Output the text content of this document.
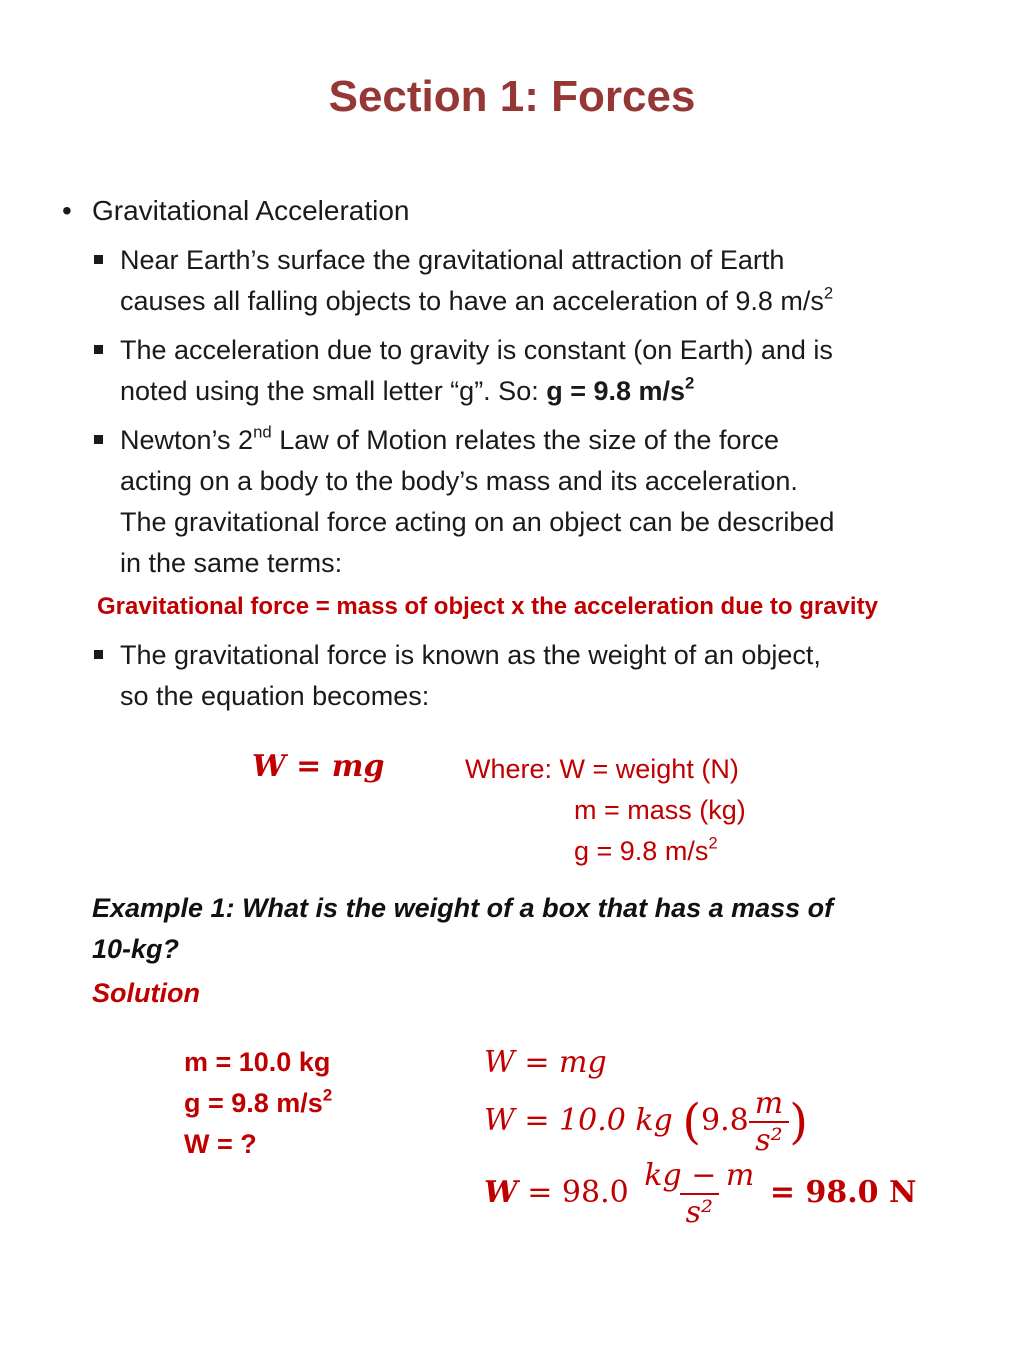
Section 1: Forces
• Gravitational Acceleration
Near Earth’s surface the gravitational attraction of Earth
causes all falling objects to have an acceleration of 9.8 $m/s^2$
The acceleration due to gravity is constant (on Earth) and is
noted using the small letter “g”. So: g = 9.8 $m/s^2$
Newton’s 2nd Law of Motion relates the size of the force
acting on a body to the body’s mass and its acceleration.
The gravitational force acting on an object can be described
in the same terms:
Gravitational force = mass of object x the acceleration due to gravity
The gravitational force is known as the weight of an object,
so the equation becomes:
W = mg	Where: W = weight (N)
m = mass (kg)
g = 9.8 $m/s^2$
Example 1: What is the weight of a box that has a mass of
10-kg?
Solution
m = 10.0 kg
g = 9.8 $m/s^2$
W = ?
W = mg
W = 10.0 kg ($9.8 \frac{m}{\text{s²}}$ )
$W = 98.0 \frac{kg - m}{\text{s²}} = 98.0$ N
